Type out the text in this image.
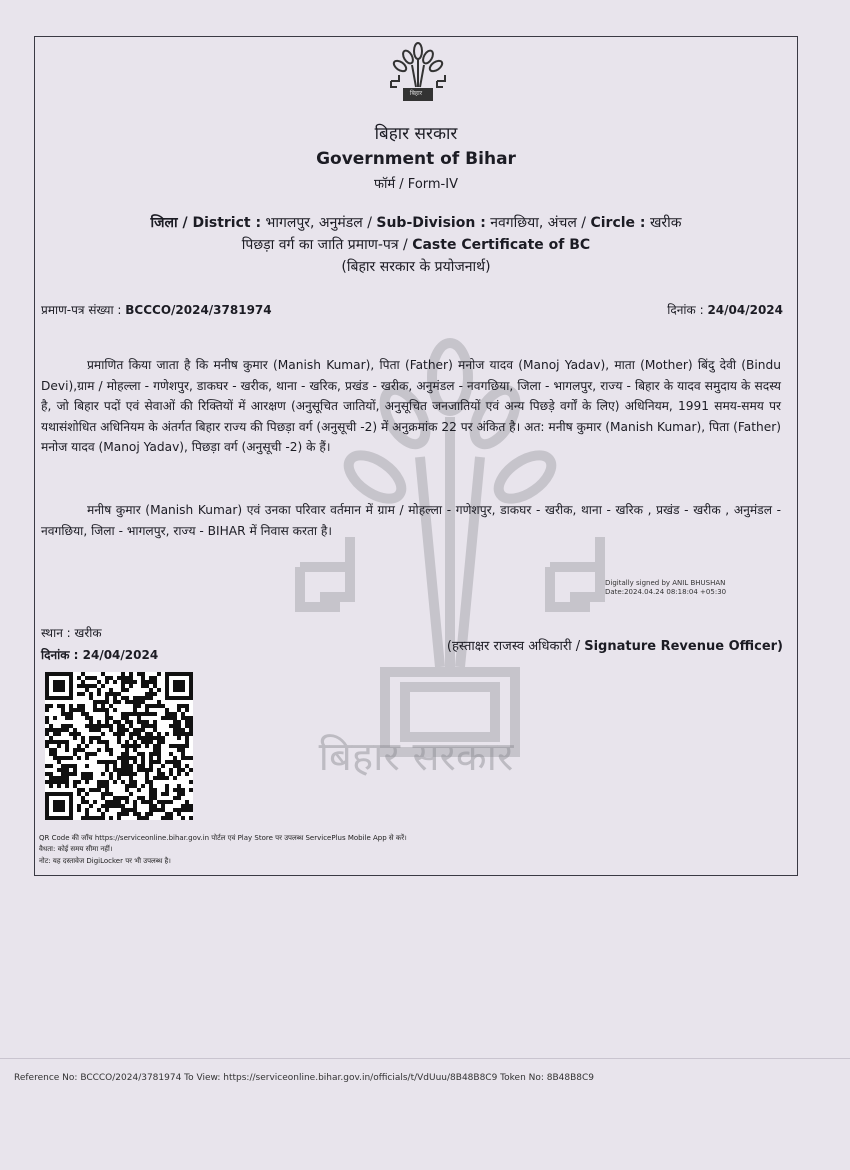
बिहार सरकार
बिहार
बिहार सरकार
Government of Bihar
फॉर्म / Form-IV
जिला / District : भागलपुर, अनुमंडल / Sub-Division : नवगछिया, अंचल / Circle : खरीक
पिछड़ा वर्ग का जाति प्रमाण-पत्र / Caste Certificate of BC
(बिहार सरकार के प्रयोजनार्थ)
प्रमाण-पत्र संख्या : BCCCO/2024/3781974	दिनांक : 24/04/2024
प्रमाणित किया जाता है कि मनीष कुमार (Manish Kumar), पिता (Father) मनोज यादव (Manoj Yadav), माता (Mother) बिंदु देवी (Bindu Devi),ग्राम / मोहल्ला - गणेशपुर, डाकघर - खरीक, थाना - खरिक, प्रखंड - खरीक, अनुमंडल - नवगछिया, जिला - भागलपुर, राज्य - बिहार के यादव समुदाय के सदस्य है, जो बिहार पदों एवं सेवाओं की रिक्तियों में आरक्षण (अनुसूचित जातियों, अनुसूचित जनजातियों एवं अन्य पिछड़े वर्गों के लिए) अधिनियम, 1991 समय-समय पर यथासंशोधित अधिनियम के अंतर्गत बिहार राज्य की पिछड़ा वर्ग (अनुसूची -2) में अनुक्रमांक 22 पर अंकित है। अत: मनीष कुमार (Manish Kumar), पिता (Father) मनोज यादव (Manoj Yadav), पिछड़ा वर्ग (अनुसूची -2) के हैं।
मनीष कुमार (Manish Kumar) एवं उनका परिवार वर्तमान में ग्राम / मोहल्ला - गणेशपुर, डाकघर - खरीक, थाना - खरिक , प्रखंड - खरीक , अनुमंडल - नवगछिया, जिला - भागलपुर, राज्य - BIHAR में निवास करता है।
Digitally signed by ANIL BHUSHAN
Date:2024.04.24 08:18:04 +05:30
स्थान : खरीक
दिनांक : 24/04/2024
(हस्ताक्षर राजस्व अधिकारी / Signature Revenue Officer)
QR Code की जाँच https://serviceonline.bihar.gov.in पोर्टल एवं Play Store पर उपलब्ध ServicePlus Mobile App से करें।
वैधता: कोई समय सीमा नहीं।
नोट: यह दस्तावेज DigiLocker पर भी उपलब्ध है।
Reference No: BCCCO/2024/3781974 To View: https://serviceonline.bihar.gov.in/officials/t/VdUuu/8B48B8C9 Token No: 8B48B8C9
